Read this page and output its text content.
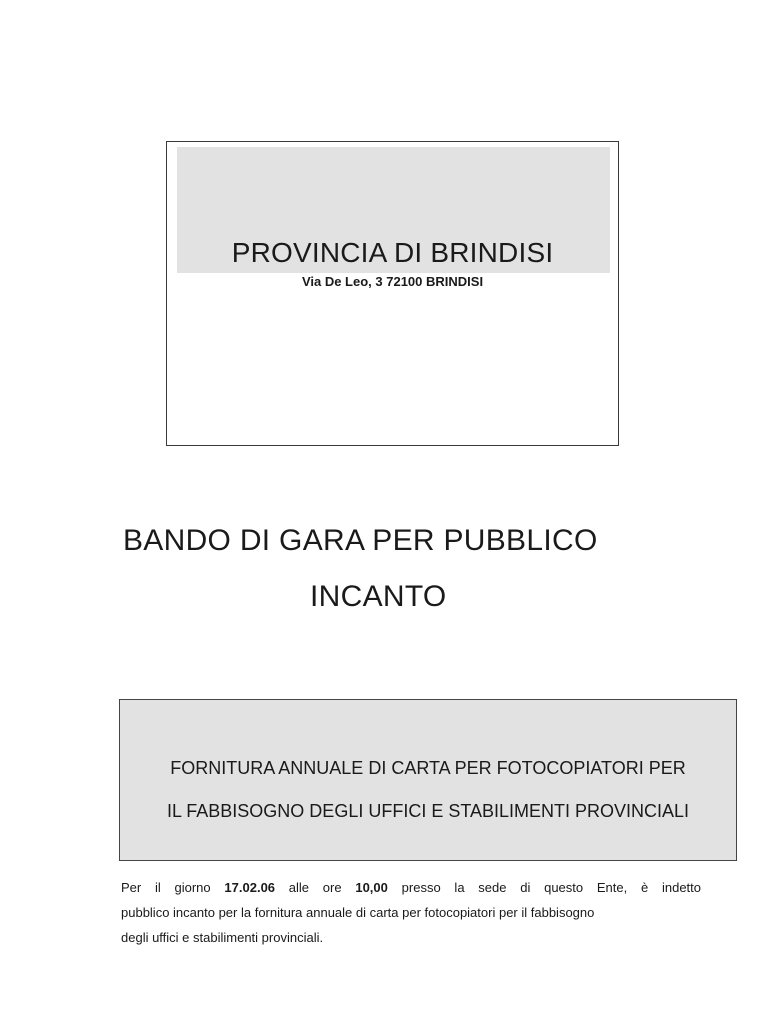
PROVINCIA DI BRINDISI
Via De Leo, 3 72100 BRINDISI
BANDO DI GARA PER PUBBLICO
INCANTO
FORNITURA ANNUALE DI CARTA PER FOTOCOPIATORI PER
IL FABBISOGNO DEGLI UFFICI E STABILIMENTI PROVINCIALI
Per il giorno 17.02.06 alle ore 10,00 presso la sede di questo Ente, è indetto
pubblico incanto per la fornitura annuale di carta per fotocopiatori per il fabbisogno
degli uffici e stabilimenti provinciali.
